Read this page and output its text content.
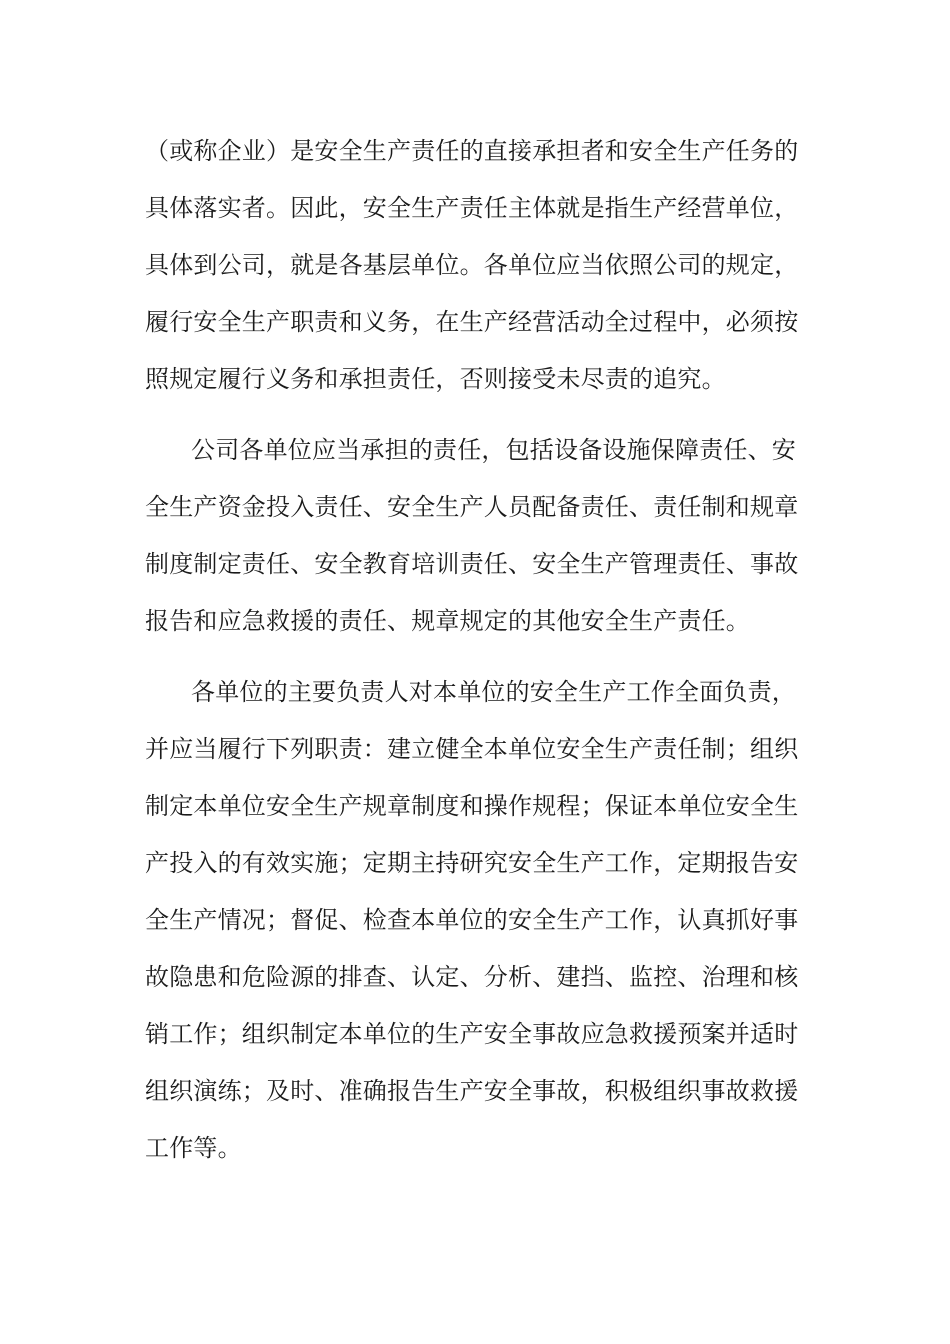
（或称企业）是安全生产责任的直接承担者和安全生产任务的
具体落实者。因此，安全生产责任主体就是指生产经营单位，
具体到公司，就是各基层单位。各单位应当依照公司的规定，
履行安全生产职责和义务，在生产经营活动全过程中，必须按
照规定履行义务和承担责任，否则接受未尽责的追究。
公司各单位应当承担的责任，包括设备设施保障责任、安
全生产资金投入责任、安全生产人员配备责任、责任制和规章
制度制定责任、安全教育培训责任、安全生产管理责任、事故
报告和应急救援的责任、规章规定的其他安全生产责任。
各单位的主要负责人对本单位的安全生产工作全面负责，
并应当履行下列职责：建立健全本单位安全生产责任制；组织
制定本单位安全生产规章制度和操作规程；保证本单位安全生
产投入的有效实施；定期主持研究安全生产工作，定期报告安
全生产情况；督促、检查本单位的安全生产工作，认真抓好事
故隐患和危险源的排查、认定、分析、建挡、监控、治理和核
销工作；组织制定本单位的生产安全事故应急救援预案并适时
组织演练；及时、准确报告生产安全事故，积极组织事故救援
工作等。
